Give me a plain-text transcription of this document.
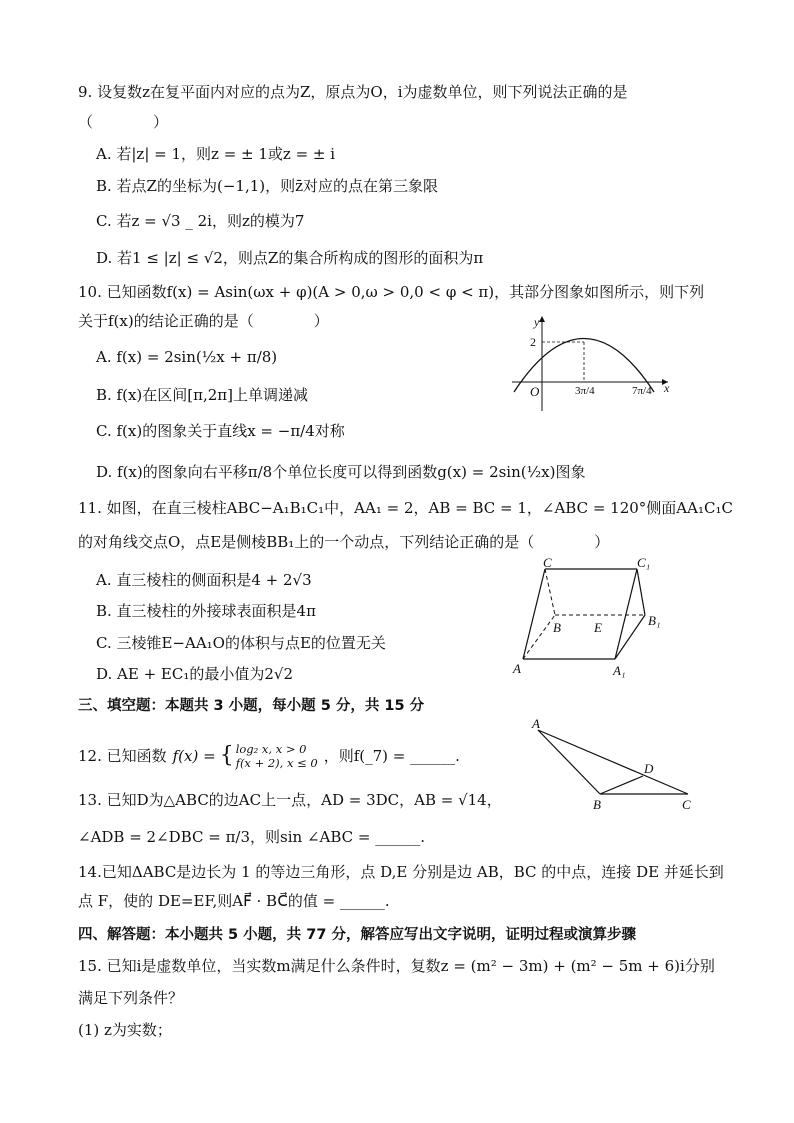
9. 设复数z在复平面内对应的点为Z，原点为O，i为虚数单位，则下列说法正确的是
（　　　　）
A. 若|z| = 1，则z = ± 1或z = ± i
B. 若点Z的坐标为(−1,1)，则z̄对应的点在第三象限
C. 若z = √3 _ 2i，则z的模为7
D. 若1 ≤ |z| ≤ √2，则点Z的集合所构成的图形的面积为π
10. 已知函数f(x) = Asin(ωx + φ)(A > 0,ω > 0,0 < φ < π)，其部分图象如图所示，则下列
关于f(x)的结论正确的是（　　　　）
A. f(x) = 2sin(½x + π/8)
B. f(x)在区间[π,2π]上单调递减
C. f(x)的图象关于直线x = −π/4对称
D. f(x)的图象向右平移π/8个单位长度可以得到函数g(x) = 2sin(½x)图象
y
x
O
2
3π/4	7π/4
11. 如图，在直三棱柱ABC−A₁B₁C₁中，AA₁ = 2，AB = BC = 1，∠ABC = 120°侧面AA₁C₁C
的对角线交点O，点E是侧棱BB₁上的一个动点，下列结论正确的是（　　　　）
A. 直三棱柱的侧面积是4 + 2√3
B. 直三棱柱的外接球表面积是4π
C. 三棱锥E−AA₁O的体积与点E的位置无关
D. AE + EC₁的最小值为2√2
C	C₁
B	E	B₁
A	A₁
三、填空题：本题共 3 小题，每小题 5 分，共 15 分
12. 已知函数 f(x) = { log₂ x, x > 0
f(x + 2), x ≤ 0 ，则f(_7) = ______.
13. 已知D为△ABC的边AC上一点，AD = 3DC，AB = √14，
∠ADB = 2∠DBC = π/3，则sin ∠ABC = ______.
A
D
B	C
14.已知ΔABC是边长为 1 的等边三角形，点 D,E 分别是边 AB，BC 的中点，连接 DE 并延长到
点 F，使的 DE=EF,则AF⃗ · BC⃗的值 = ______.
四、解答题：本小题共 5 小题，共 77 分，解答应写出文字说明，证明过程或演算步骤
15. 已知i是虚数单位，当实数m满足什么条件时，复数z = (m² − 3m) + (m² − 5m + 6)i分别
满足下列条件？
(1) z为实数；
